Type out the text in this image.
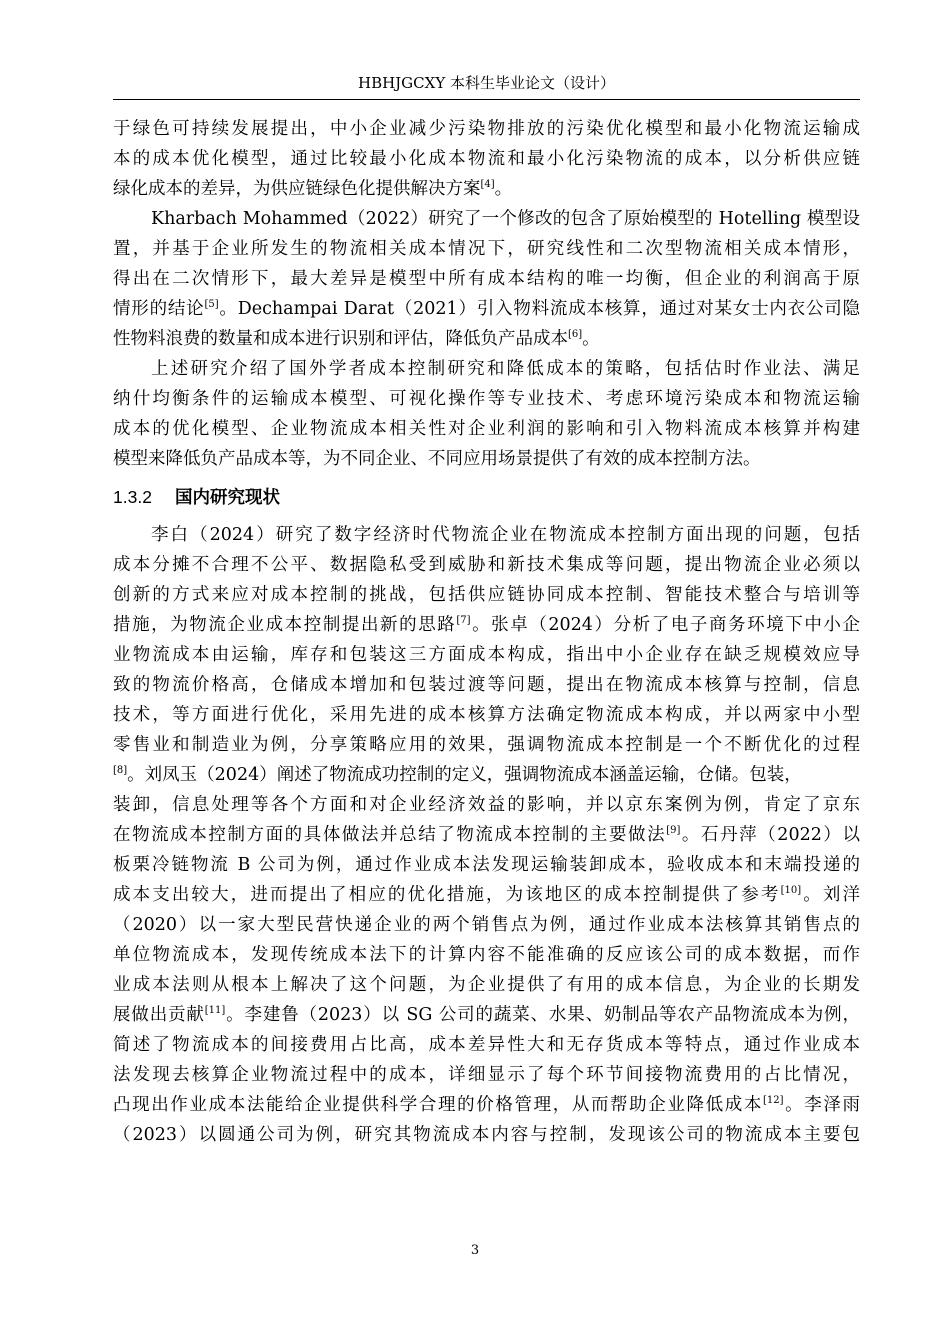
HBHJGCXY 本科生毕业论文（设计）
于绿色可持续发展提出，中小企业减少污染物排放的污染优化模型和最小化物流运输成
本的成本优化模型，通过比较最小化成本物流和最小化污染物流的成本，以分析供应链
绿化成本的差异，为供应链绿色化提供解决方案[4]。
Kharbach Mohammed（2022）研究了一个修改的包含了原始模型的 Hotelling 模型设
置，并基于企业所发生的物流相关成本情况下，研究线性和二次型物流相关成本情形，
得出在二次情形下，最大差异是模型中所有成本结构的唯一均衡，但企业的利润高于原
情形的结论[5]。Dechampai Darat（2021）引入物料流成本核算，通过对某女士内衣公司隐
性物料浪费的数量和成本进行识别和评估，降低负产品成本[6]。
上述研究介绍了国外学者成本控制研究和降低成本的策略，包括估时作业法、满足
纳什均衡条件的运输成本模型、可视化操作等专业技术、考虑环境污染成本和物流运输
成本的优化模型、企业物流成本相关性对企业利润的影响和引入物料流成本核算并构建
模型来降低负产品成本等，为不同企业、不同应用场景提供了有效的成本控制方法。
1.3.2 国内研究现状
李白（2024）研究了数字经济时代物流企业在物流成本控制方面出现的问题，包括
成本分摊不合理不公平、数据隐私受到威胁和新技术集成等问题，提出物流企业必须以
创新的方式来应对成本控制的挑战，包括供应链协同成本控制、智能技术整合与培训等
措施，为物流企业成本控制提出新的思路[7]。张卓（2024）分析了电子商务环境下中小企
业物流成本由运输，库存和包装这三方面成本构成，指出中小企业存在缺乏规模效应导
致的物流价格高，仓储成本增加和包装过渡等问题，提出在物流成本核算与控制，信息
技术，等方面进行优化，采用先进的成本核算方法确定物流成本构成，并以两家中小型
零售业和制造业为例，分享策略应用的效果，强调物流成本控制是一个不断优化的过程
[8]。刘凤玉（2024）阐述了物流成功控制的定义，强调物流成本涵盖运输，仓储。包装，
装卸，信息处理等各个方面和对企业经济效益的影响，并以京东案例为例，肯定了京东
在物流成本控制方面的具体做法并总结了物流成本控制的主要做法[9]。石丹萍（2022）以
板栗冷链物流 B 公司为例，通过作业成本法发现运输装卸成本，验收成本和末端投递的
成本支出较大，进而提出了相应的优化措施，为该地区的成本控制提供了参考[10]。刘洋
（2020）以一家大型民营快递企业的两个销售点为例，通过作业成本法核算其销售点的
单位物流成本，发现传统成本法下的计算内容不能准确的反应该公司的成本数据，而作
业成本法则从根本上解决了这个问题，为企业提供了有用的成本信息，为企业的长期发
展做出贡献[11]。李建鲁（2023）以 SG 公司的蔬菜、水果、奶制品等农产品物流成本为例，
简述了物流成本的间接费用占比高，成本差异性大和无存货成本等特点，通过作业成本
法发现去核算企业物流过程中的成本，详细显示了每个环节间接物流费用的占比情况，
凸现出作业成本法能给企业提供科学合理的价格管理，从而帮助企业降低成本[12]。李泽雨
（2023）以圆通公司为例，研究其物流成本内容与控制，发现该公司的物流成本主要包
3
